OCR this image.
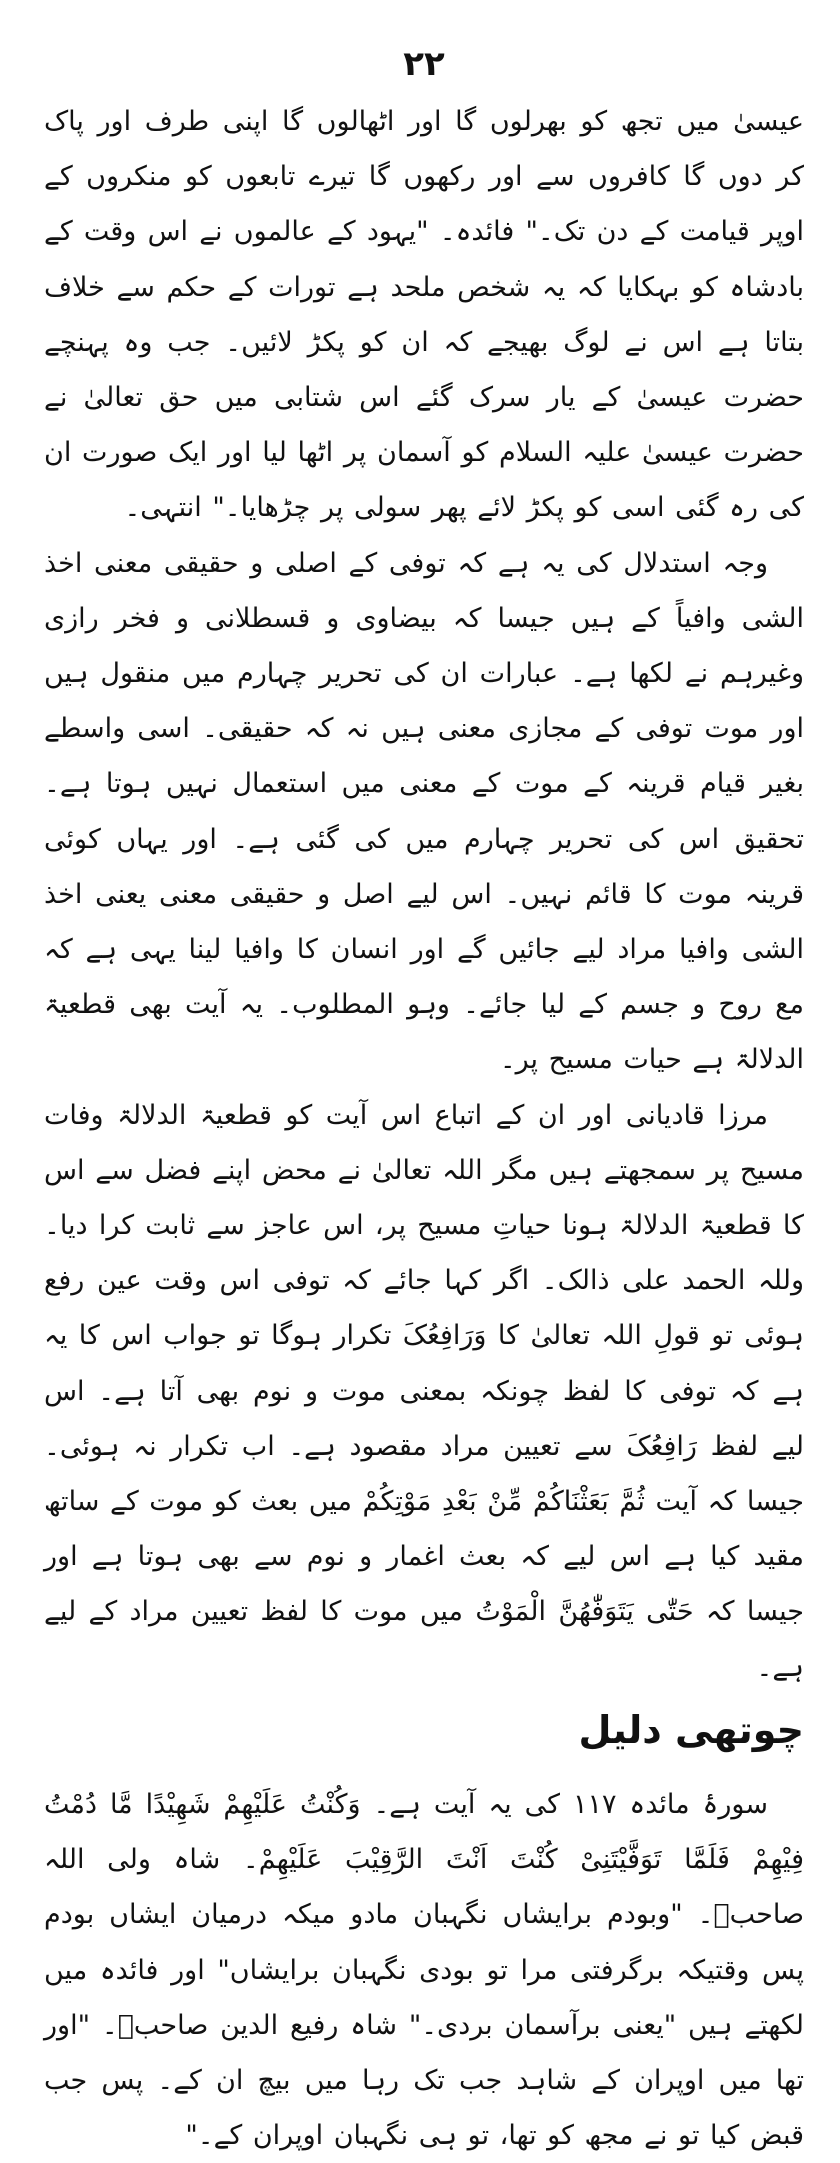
۲۲

عیسیٰ میں تجھ کو بھرلوں گا اور اٹھالوں گا اپنی طرف اور پاک کر دوں گا کافروں سے اور رکھوں گا تیرے تابعوں کو منکروں کے اوپر قیامت کے دن تک۔" فائدہ۔ "یہود کے عالموں نے اس وقت کے بادشاہ کو بہکایا کہ یہ شخص ملحد ہے تورات کے حکم سے خلاف بتاتا ہے اس نے لوگ بھیجے کہ ان کو پکڑ لائیں۔ جب وہ پہنچے حضرت عیسیٰ کے یار سرک گئے اس شتابی میں حق تعالیٰ نے حضرت عیسیٰ علیہ السلام کو آسمان پر اٹھا لیا اور ایک صورت ان کی رہ گئی اسی کو پکڑ لائے پھر سولی پر چڑھایا۔" انتہی۔

وجہ استدلال کی یہ ہے کہ توفی کے اصلی و حقیقی معنی اخذ الشی وافیاً کے ہیں جیسا کہ بیضاوی و قسطلانی و فخر رازی وغیرہم نے لکھا ہے۔ عبارات ان کی تحریر چہارم میں منقول ہیں اور موت توفی کے مجازی معنی ہیں نہ کہ حقیقی۔ اسی واسطے بغیر قیام قرینہ کے موت کے معنی میں استعمال نہیں ہوتا ہے۔ تحقیق اس کی تحریر چہارم میں کی گئی ہے۔ اور یہاں کوئی قرینہ موت کا قائم نہیں۔ اس لیے اصل و حقیقی معنی یعنی اخذ الشی وافیا مراد لیے جائیں گے اور انسان کا وافیا لینا یہی ہے کہ مع روح و جسم کے لیا جائے۔ وہو المطلوب۔ یہ آیت بھی قطعیۃ الدلالۃ ہے حیات مسیح پر۔

مرزا قادیانی اور ان کے اتباع اس آیت کو قطعیۃ الدلالۃ وفات مسیح پر سمجھتے ہیں مگر اللہ تعالیٰ نے محض اپنے فضل سے اس کا قطعیۃ الدلالۃ ہونا حیاتِ مسیح پر، اس عاجز سے ثابت کرا دیا۔ وللہ الحمد علی ذالک۔ اگر کہا جائے کہ توفی اس وقت عین رفع ہوئی تو قولِ اللہ تعالیٰ کا وَرَافِعُکَ تکرار ہوگا تو جواب اس کا یہ ہے کہ توفی کا لفظ چونکہ بمعنی موت و نوم بھی آتا ہے۔ اس لیے لفظ رَافِعُکَ سے تعیین مراد مقصود ہے۔ اب تکرار نہ ہوئی۔ جیسا کہ آیت ثُمَّ بَعَثْنَاکُمْ مِّنْ بَعْدِ مَوْتِکُمْ میں بعث کو موت کے ساتھ مقید کیا ہے اس لیے کہ بعث اغمار و نوم سے بھی ہوتا ہے اور جیسا کہ حَتّٰی یَتَوَفّٰھُنَّ الْمَوْتُ میں موت کا لفظ تعیین مراد کے لیے ہے۔

چوتھی دلیل

سورۂ مائدہ ۱۱۷ کی یہ آیت ہے۔ وَکُنْتُ عَلَیْھِمْ شَھِیْدًا مَّا دُمْتُ فِیْھِمْ فَلَمَّا تَوَفَّیْتَنِیْ کُنْتَ اَنْتَ الرَّقِیْبَ عَلَیْھِمْ۔ شاہ ولی اللہ صاحبؒ۔ "وبودم برایشاں نگہبان مادو میکہ درمیان ایشاں بودم پس وقتیکہ برگرفتی مرا تو بودی نگہبان برایشاں" اور فائدہ میں لکھتے ہیں "یعنی برآسمان بردی۔" شاہ رفیع الدین صاحبؒ۔ "اور تھا میں اوپران کے شاہد جب تک رہا میں بیچ ان کے۔ پس جب قبض کیا تو نے مجھ کو تھا، تو ہی نگہبان اوپران کے۔"
